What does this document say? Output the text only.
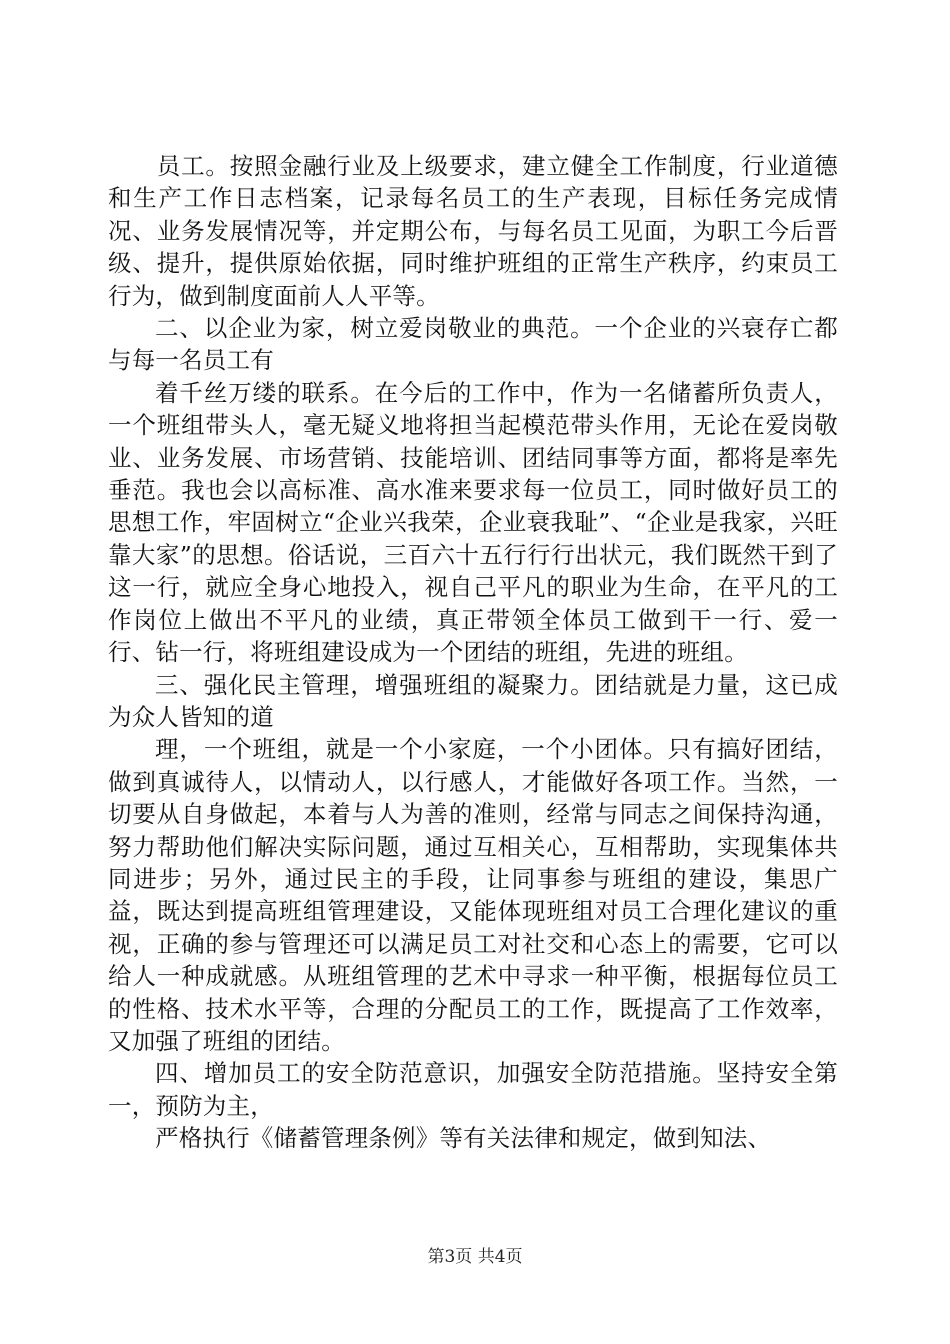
　　员工。按照金融行业及上级要求，建立健全工作制度，行业道德和生产工作日志档案，记录每名员工的生产表现，目标任务完成情况、业务发展情况等，并定期公布，与每名员工见面，为职工今后晋级、提升，提供原始依据，同时维护班组的正常生产秩序，约束员工行为，做到制度面前人人平等。

二、以企业为家，树立爱岗敬业的典范。一个企业的兴衰存亡都与每一名员工有

着千丝万缕的联系。在今后的工作中，作为一名储蓄所负责人，一个班组带头人，毫无疑义地将担当起模范带头作用，无论在爱岗敬业、业务发展、市场营销、技能培训、团结同事等方面，都将是率先垂范。我也会以高标准、高水准来要求每一位员工，同时做好员工的思想工作，牢固树立“企业兴我荣，企业衰我耻”、“企业是我家，兴旺靠大家”的思想。俗话说，三百六十五行行行出状元，我们既然干到了这一行，就应全身心地投入，视自己平凡的职业为生命，在平凡的工作岗位上做出不平凡的业绩，真正带领全体员工做到干一行、爱一行、钻一行，将班组建设成为一个团结的班组，先进的班组。

三、强化民主管理，增强班组的凝聚力。团结就是力量，这已成为众人皆知的道

理，一个班组，就是一个小家庭，一个小团体。只有搞好团结，做到真诚待人，以情动人，以行感人，才能做好各项工作。当然，一切要从自身做起，本着与人为善的准则，经常与同志之间保持沟通，努力帮助他们解决实际问题，通过互相关心，互相帮助，实现集体共同进步；另外，通过民主的手段，让同事参与班组的建设，集思广益，既达到提高班组管理建设，又能体现班组对员工合理化建议的重视，正确的参与管理还可以满足员工对社交和心态上的需要，它可以给人一种成就感。从班组管理的艺术中寻求一种平衡，根据每位员工的性格、技术水平等，合理的分配员工的工作，既提高了工作效率，又加强了班组的团结。

四、增加员工的安全防范意识，加强安全防范措施。坚持安全第一，预防为主，

严格执行《储蓄管理条例》等有关法律和规定，做到知法、

第3页 共4页
